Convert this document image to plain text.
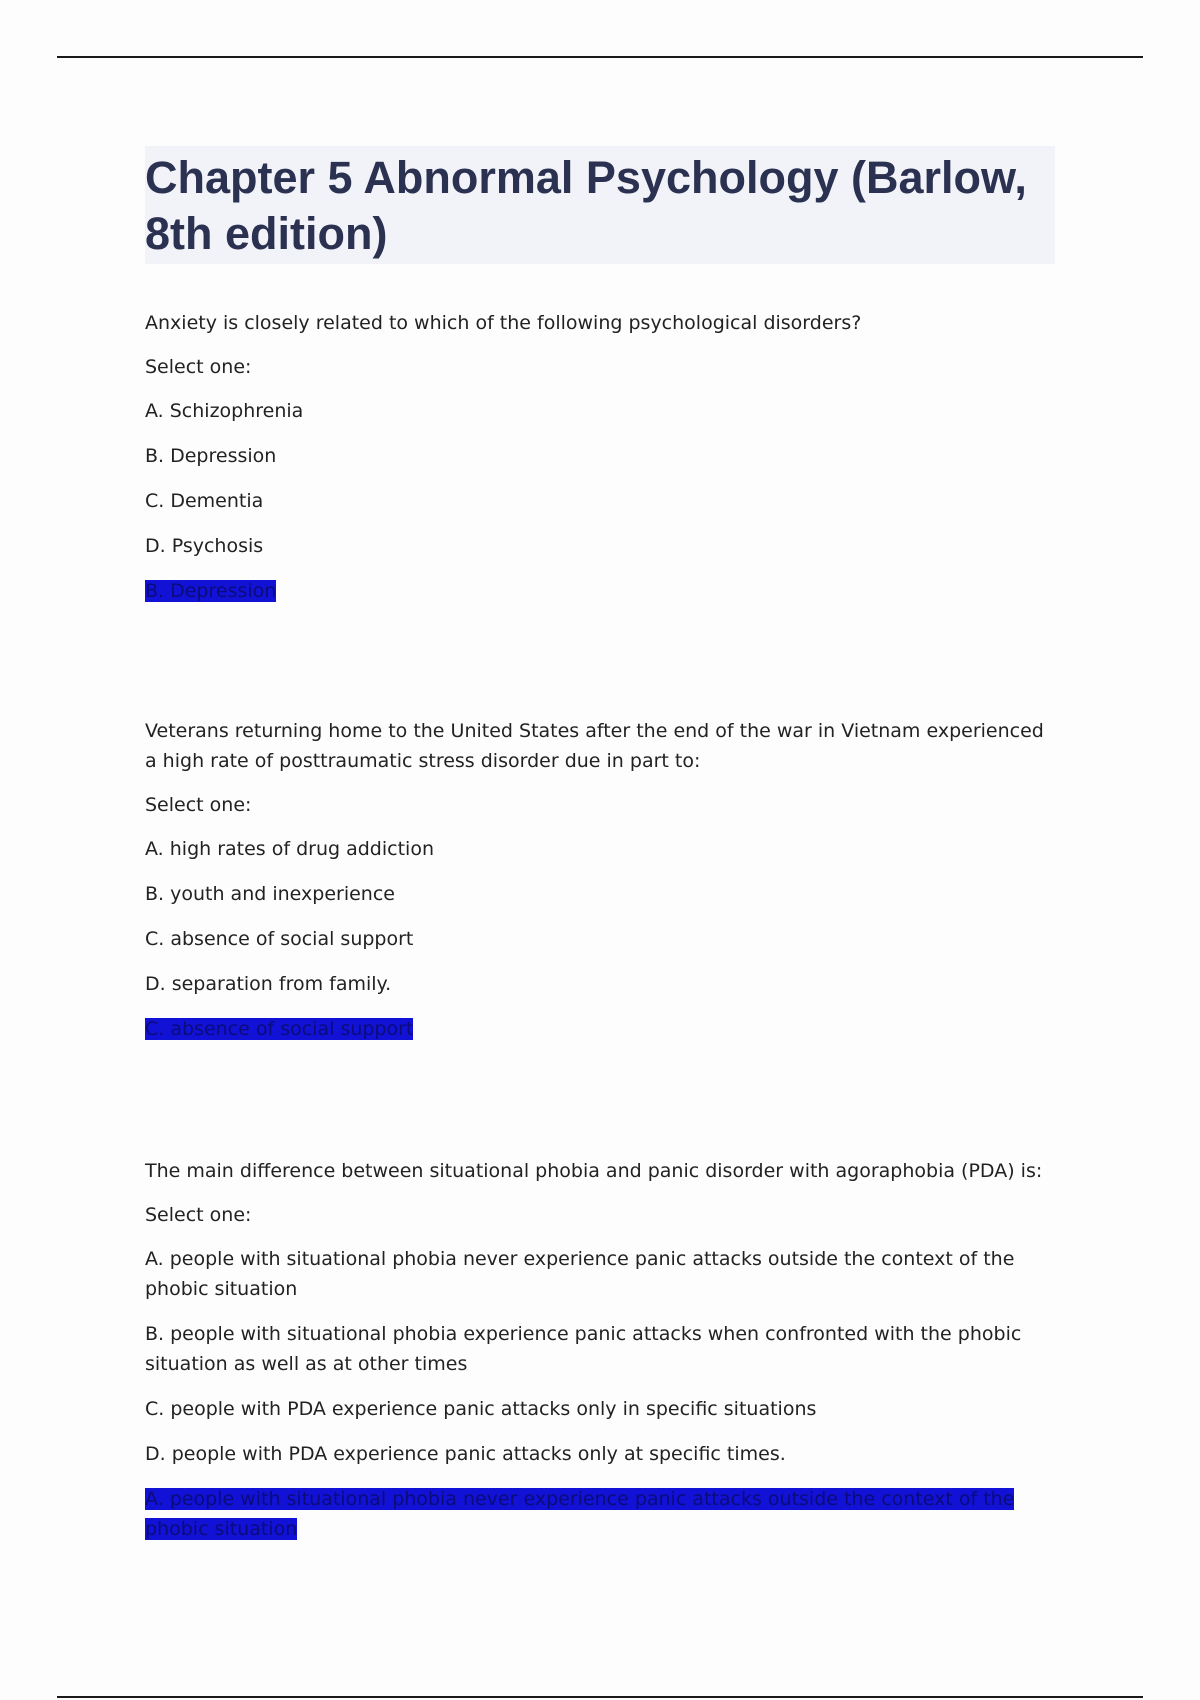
Chapter 5 Abnormal Psychology (Barlow, 8th edition)

Anxiety is closely related to which of the following psychological disorders?

Select one:

A. Schizophrenia

B. Depression

C. Dementia

D. Psychosis

B. Depression

Veterans returning home to the United States after the end of the war in Vietnam experienced a high rate of posttraumatic stress disorder due in part to:

Select one:

A. high rates of drug addiction

B. youth and inexperience

C. absence of social support

D. separation from family.

C. absence of social support

The main difference between situational phobia and panic disorder with agoraphobia (PDA) is:

Select one:

A. people with situational phobia never experience panic attacks outside the context of the phobic situation

B. people with situational phobia experience panic attacks when confronted with the phobic situation as well as at other times

C. people with PDA experience panic attacks only in specific situations

D. people with PDA experience panic attacks only at specific times.

A. people with situational phobia never experience panic attacks outside the context of the phobic situation
